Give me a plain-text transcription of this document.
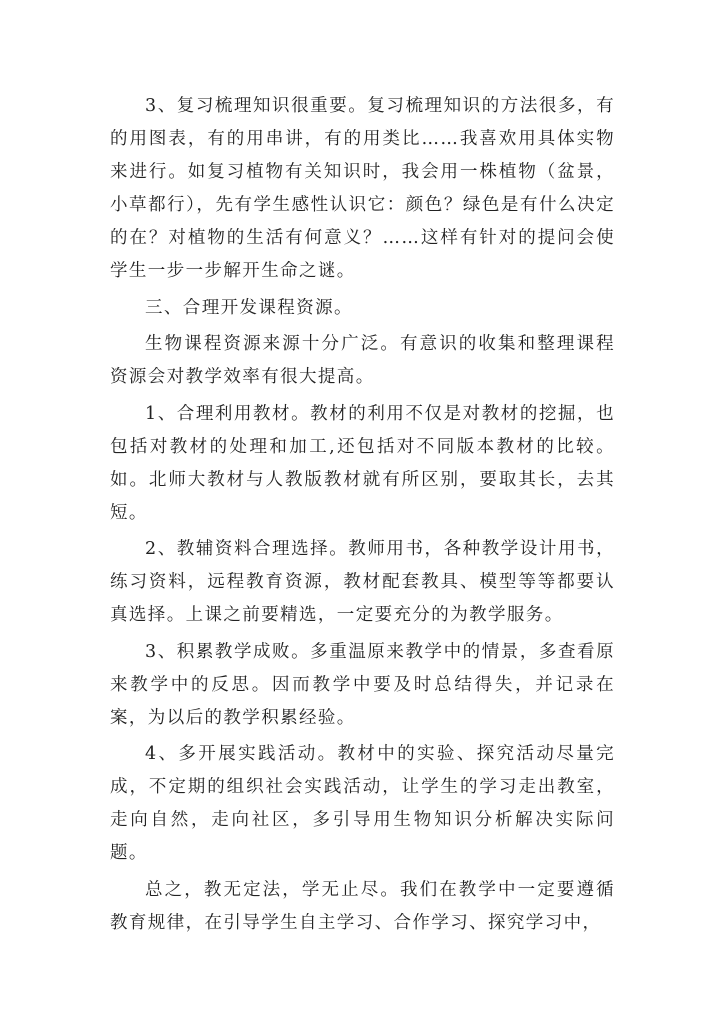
3、复习梳理知识很重要。复习梳理知识的方法很多，有的用图表，有的用串讲，有的用类比……我喜欢用具体实物来进行。如复习植物有关知识时，我会用一株植物（盆景，小草都行），先有学生感性认识它：颜色？绿色是有什么决定的在？对植物的生活有何意义？……这样有针对的提问会使学生一步一步解开生命之谜。

三、合理开发课程资源。

生物课程资源来源十分广泛。有意识的收集和整理课程资源会对教学效率有很大提高。

1、合理利用教材。教材的利用不仅是对教材的挖掘，也包括对教材的处理和加工,还包括对不同版本教材的比较。如。北师大教材与人教版教材就有所区别，要取其长，去其短。

2、教辅资料合理选择。教师用书，各种教学设计用书，练习资料，远程教育资源，教材配套教具、模型等等都要认真选择。上课之前要精选，一定要充分的为教学服务。

3、积累教学成败。多重温原来教学中的情景，多查看原来教学中的反思。因而教学中要及时总结得失，并记录在案，为以后的教学积累经验。

4、多开展实践活动。教材中的实验、探究活动尽量完成，不定期的组织社会实践活动，让学生的学习走出教室，走向自然，走向社区，多引导用生物知识分析解决实际问题。

总之，教无定法，学无止尽。我们在教学中一定要遵循教育规律，在引导学生自主学习、合作学习、探究学习中，
